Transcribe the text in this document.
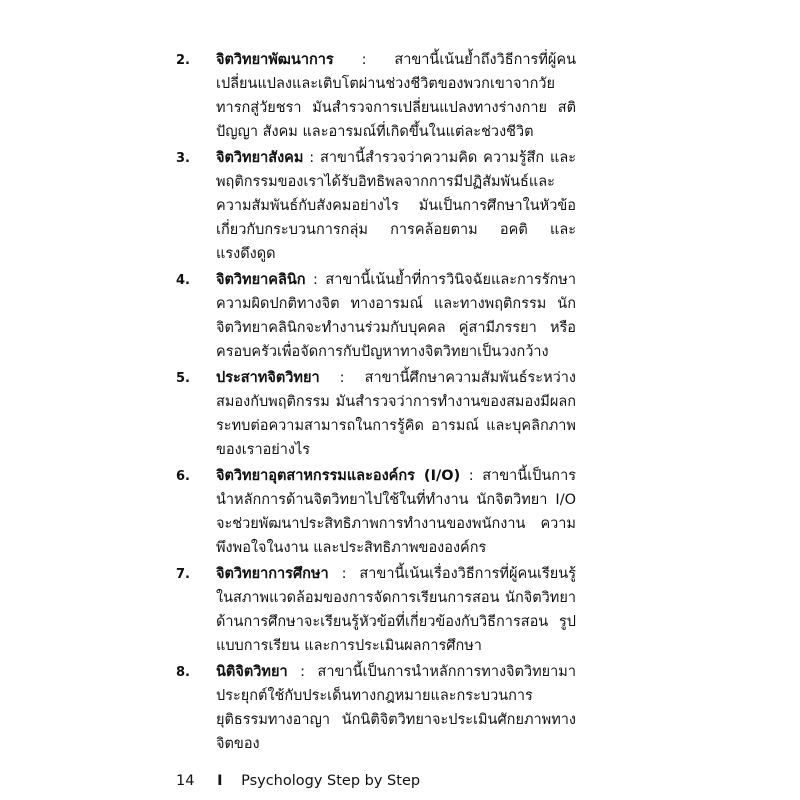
2.	จิตวิทยาพัฒนาการ : สาขานี้เน้นย้ำถึงวิธีการที่ผู้คนเปลี่ยนแปลงและเติบโตผ่านช่วงชีวิตของพวกเขาจากวัยทารกสู่วัยชรา มันสำรวจการเปลี่ยนแปลงทางร่างกาย สติปัญญา สังคม และอารมณ์ที่เกิดขึ้นในแต่ละช่วงชีวิต
3.	จิตวิทยาสังคม : สาขานี้สำรวจว่าความคิด ความรู้สึก และพฤติกรรมของเราได้รับอิทธิพลจากการมีปฏิสัมพันธ์และความสัมพันธ์กับสังคมอย่างไร มันเป็นการศึกษาในหัวข้อเกี่ยวกับกระบวนการกลุ่ม การคล้อยตาม อคติ และแรงดึงดูด
4.	จิตวิทยาคลินิก : สาขานี้เน้นย้ำที่การวินิจฉัยและการรักษาความผิดปกติทางจิต ทางอารมณ์ และทางพฤติกรรม นักจิตวิทยาคลินิกจะทำงานร่วมกับบุคคล คู่สามีภรรยา หรือครอบครัวเพื่อจัดการกับปัญหาทางจิตวิทยาเป็นวงกว้าง
5.	ประสาทจิตวิทยา : สาขานี้ศึกษาความสัมพันธ์ระหว่างสมองกับพฤติกรรม มันสำรวจว่าการทำงานของสมองมีผลกระทบต่อความสามารถในการรู้คิด อารมณ์ และบุคลิกภาพของเราอย่างไร
6.	จิตวิทยาอุตสาหกรรมและองค์กร (I/O) : สาขานี้เป็นการนำหลักการด้านจิตวิทยาไปใช้ในที่ทำงาน นักจิตวิทยา I/O จะช่วยพัฒนาประสิทธิภาพการทำงานของพนักงาน ความพึงพอใจในงาน และประสิทธิภาพขององค์กร
7.	จิตวิทยาการศึกษา : สาขานี้เน้นเรื่องวิธีการที่ผู้คนเรียนรู้ในสภาพแวดล้อมของการจัดการเรียนการสอน นักจิตวิทยาด้านการศึกษาจะเรียนรู้หัวข้อที่เกี่ยวข้องกับวิธีการสอน รูปแบบการเรียน และการประเมินผลการศึกษา
8.	นิติจิตวิทยา : สาขานี้เป็นการนำหลักการทางจิตวิทยามาประยุกต์ใช้กับประเด็นทางกฎหมายและกระบวนการยุติธรรมทางอาญา นักนิติจิตวิทยาจะประเมินศักยภาพทางจิตของ
14 I Psychology Step by Step
